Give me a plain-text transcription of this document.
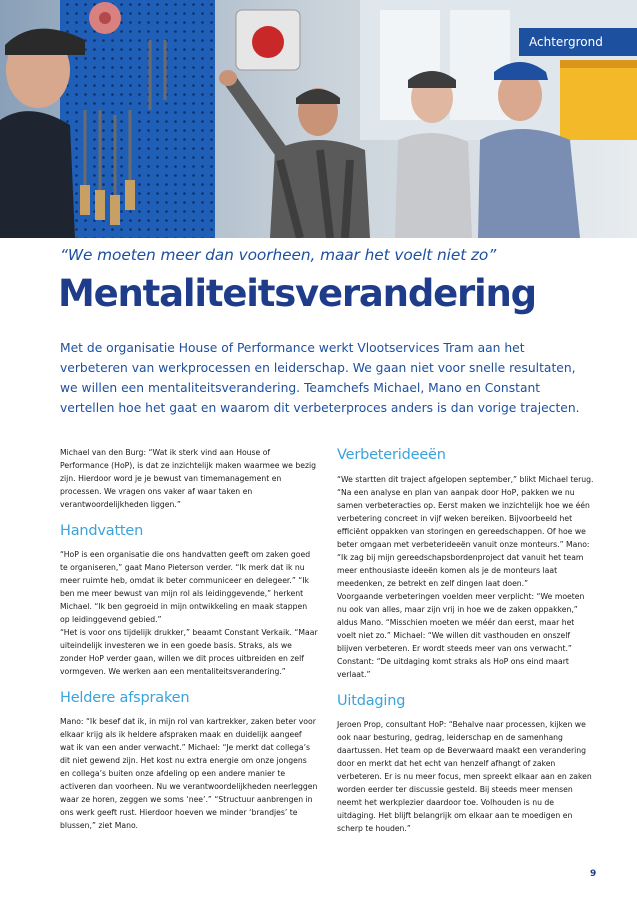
Achtergrond
“We moeten meer dan voorheen, maar het voelt niet zo”
Mentaliteitsverandering

Met de organisatie House of Performance werkt Vlootservices Tram aan het verbeteren van werkprocessen en leiderschap. We gaan niet voor snelle resultaten, we willen een mentaliteitsverandering. Teamchefs Michael, Mano en Constant vertellen hoe het gaat en waarom dit verbeterproces anders is dan vorige trajecten.

Michael van den Burg: “Wat ik sterk vind aan House of Performance (HoP), is dat ze inzichtelijk maken waarmee we bezig zijn. Hierdoor word je je bewust van timemanagement en processen. We vragen ons vaker af waar taken en verantwoordelijkheden liggen.”

Handvatten

“HoP is een organisatie die ons handvatten geeft om zaken goed te organiseren,” gaat Mano Pieterson verder. “Ik merk dat ik nu meer ruimte heb, omdat ik beter communiceer en delegeer.” “Ik ben me meer bewust van mijn rol als leidinggevende,” herkent Michael. “Ik ben gegroeid in mijn ontwikkeling en maak stappen op leidinggevend gebied.”

“Het is voor ons tijdelijk drukker,” beaamt Constant Verkaik. “Maar uiteindelijk investeren we in een goede basis. Straks, als we zonder HoP verder gaan, willen we dit proces uitbreiden en zelf vormgeven. We werken aan een mentaliteitsverandering.”

Heldere afspraken

Mano: “Ik besef dat ik, in mijn rol van kartrekker, zaken beter voor elkaar krijg als ik heldere afspraken maak en duidelijk aangeef wat ik van een ander verwacht.” Michael: “Je merkt dat collega’s dit niet gewend zijn. Het kost nu extra energie om onze jongens en collega’s buiten onze afdeling op een andere manier te activeren dan voorheen. Nu we verantwoordelijkheden neerleggen waar ze horen, zeggen we soms ‘nee’.” “Structuur aanbrengen in ons werk geeft rust. Hierdoor hoeven we minder ‘brandjes’ te blussen,” ziet Mano.

Verbeterideeën

“We startten dit traject afgelopen september,” blikt Michael terug. “Na een analyse en plan van aanpak door HoP, pakken we nu samen verbeteracties op. Eerst maken we inzichtelijk hoe we één verbetering concreet in vijf weken bereiken. Bijvoorbeeld het efficiënt oppakken van storingen en gereedschappen. Of hoe we beter omgaan met verbeterideeën vanuit onze monteurs.” Mano: “Ik zag bij mijn gereedschapsbordenproject dat vanuit het team meer enthousiaste ideeën komen als je de monteurs laat meedenken, ze betrekt en zelf dingen laat doen.”

Voorgaande verbeteringen voelden meer verplicht: “We moeten nu ook van alles, maar zijn vrij in hoe we de zaken oppakken,” aldus Mano. “Misschien moeten we méér dan eerst, maar het voelt niet zo.” Michael: “We willen dit vasthouden en onszelf blijven verbeteren. Er wordt steeds meer van ons verwacht.” Constant: “De uitdaging komt straks als HoP ons eind maart verlaat.”

Uitdaging

Jeroen Prop, consultant HoP: “Behalve naar processen, kijken we ook naar besturing, gedrag, leiderschap en de samenhang daartussen. Het team op de Beverwaard maakt een verandering door en merkt dat het echt van henzelf afhangt of zaken verbeteren. Er is nu meer focus, men spreekt elkaar aan en zaken worden eerder ter discussie gesteld. Bij steeds meer mensen neemt het werkplezier daardoor toe. Volhouden is nu de uitdaging. Het blijft belangrijk om elkaar aan te moedigen en scherp te houden.”

9
